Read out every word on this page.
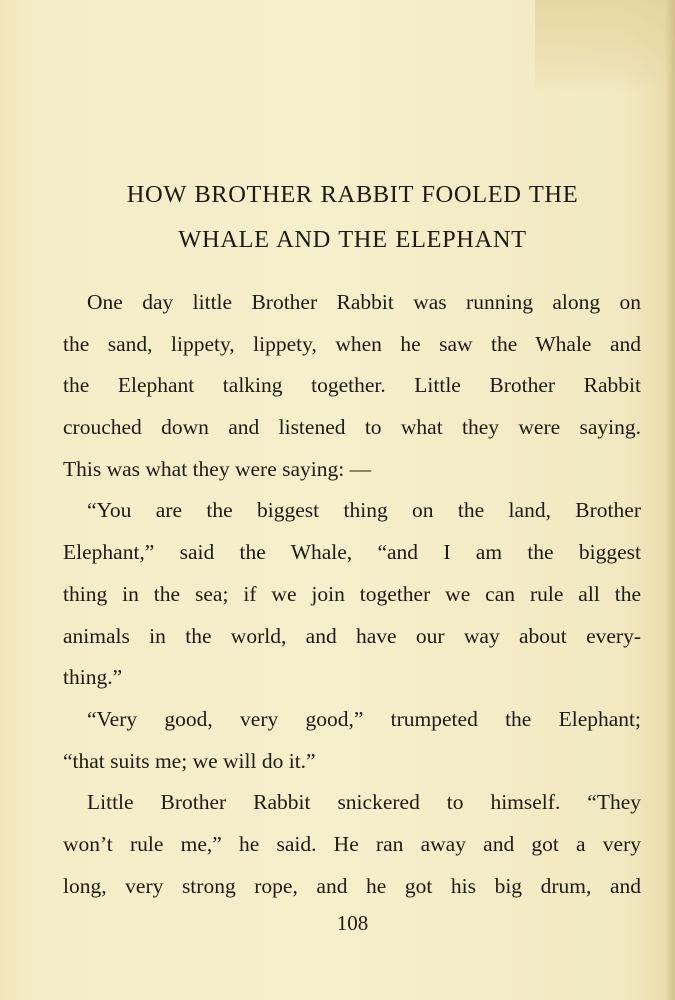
HOW BROTHER RABBIT FOOLED THE
WHALE AND THE ELEPHANT
One day little Brother Rabbit was running along on
the sand, lippety, lippety, when he saw the Whale and
the Elephant talking together. Little Brother Rabbit
crouched down and listened to what they were saying.
This was what they were saying: —
“You are the biggest thing on the land, Brother
Elephant,” said the Whale, “and I am the biggest
thing in the sea; if we join together we can rule all the
animals in the world, and have our way about every-
thing.”
“Very good, very good,” trumpeted the Elephant;
“that suits me; we will do it.”
Little Brother Rabbit snickered to himself. “They
won’t rule me,” he said. He ran away and got a very
long, very strong rope, and he got his big drum, and
108
